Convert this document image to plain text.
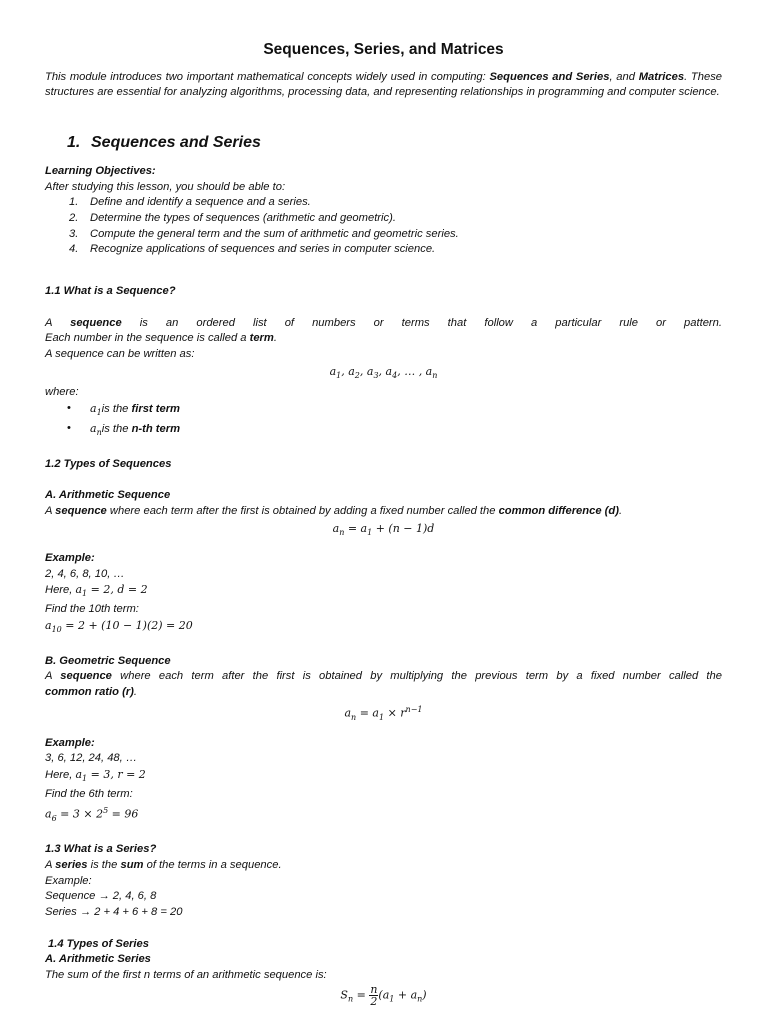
Sequences, Series, and Matrices
This module introduces two important mathematical concepts widely used in computing: Sequences and Series, and Matrices. These structures are essential for analyzing algorithms, processing data, and representing relationships in programming and computer science.
1. Sequences and Series
Learning Objectives:
After studying this lesson, you should be able to:
1. Define and identify a sequence and a series.
2. Determine the types of sequences (arithmetic and geometric).
3. Compute the general term and the sum of arithmetic and geometric series.
4. Recognize applications of sequences and series in computer science.
1.1 What is a Sequence?
A sequence is an ordered list of numbers or terms that follow a particular rule or pattern.
Each number in the sequence is called a term.
A sequence can be written as:
$a_1$, $a_2$, $a_3$, $a_4$, … , $a_n$
where:
• $a_1is$ the first term
• $a_nis$ the n-th term
1.2 Types of Sequences
A. Arithmetic Sequence
A sequence where each term after the first is obtained by adding a fixed number called the common difference (d).
$a_n = a_1 + (n - 1)d$
Example:
2, 4, 6, 8, 10, …
Here, $a_1 = 2$, d = 2
Find the 10th term:
$a_{10} = 2 + (10 - 1)(2) = 20$
B. Geometric Sequence
A sequence where each term after the first is obtained by multiplying the previous term by a fixed number called the
common ratio (r).
$a_n = a_1 \times r^{n-1}$
Example:
3, 6, 12, 24, 48, …
Here, $a_1 = 3$, r = 2
Find the 6th term:
$a_6 = 3 \times 2^5 = 96$
1.3 What is a Series?
A series is the sum of the terms in a sequence.
Example:
Sequence → 2, 4, 6, 8
Series → 2 + 4 + 6 + 8 = 20
1.4 Types of Series
A. Arithmetic Series
The sum of the first n terms of an arithmetic sequence is:
$S_n = \frac{n}{2} (a_1 + a_n)$
